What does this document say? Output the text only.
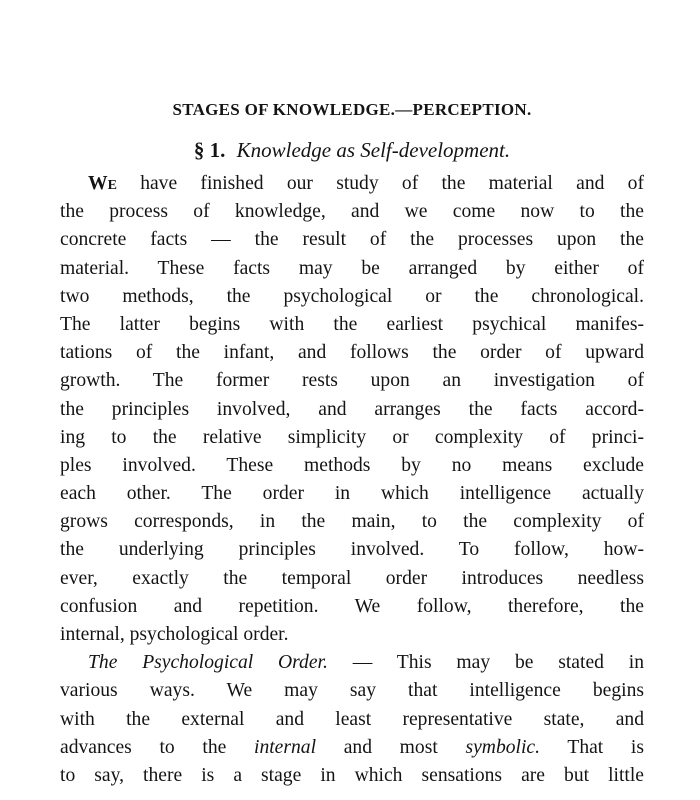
STAGES OF KNOWLEDGE.—PERCEPTION.
§ 1. Knowledge as Self-development.
We have finished our study of the material and of
the process of knowledge, and we come now to the
concrete facts — the result of the processes upon the
material. These facts may be arranged by either of
two methods, the psychological or the chronological.
The latter begins with the earliest psychical manifes-
tations of the infant, and follows the order of upward
growth. The former rests upon an investigation of
the principles involved, and arranges the facts accord-
ing to the relative simplicity or complexity of princi-
ples involved. These methods by no means exclude
each other. The order in which intelligence actually
grows corresponds, in the main, to the complexity of
the underlying principles involved. To follow, how-
ever, exactly the temporal order introduces needless
confusion and repetition. We follow, therefore, the
internal, psychological order.
The Psychological Order. — This may be stated in
various ways. We may say that intelligence begins
with the external and least representative state, and
advances to the internal and most symbolic. That is
to say, there is a stage in which sensations are but little
